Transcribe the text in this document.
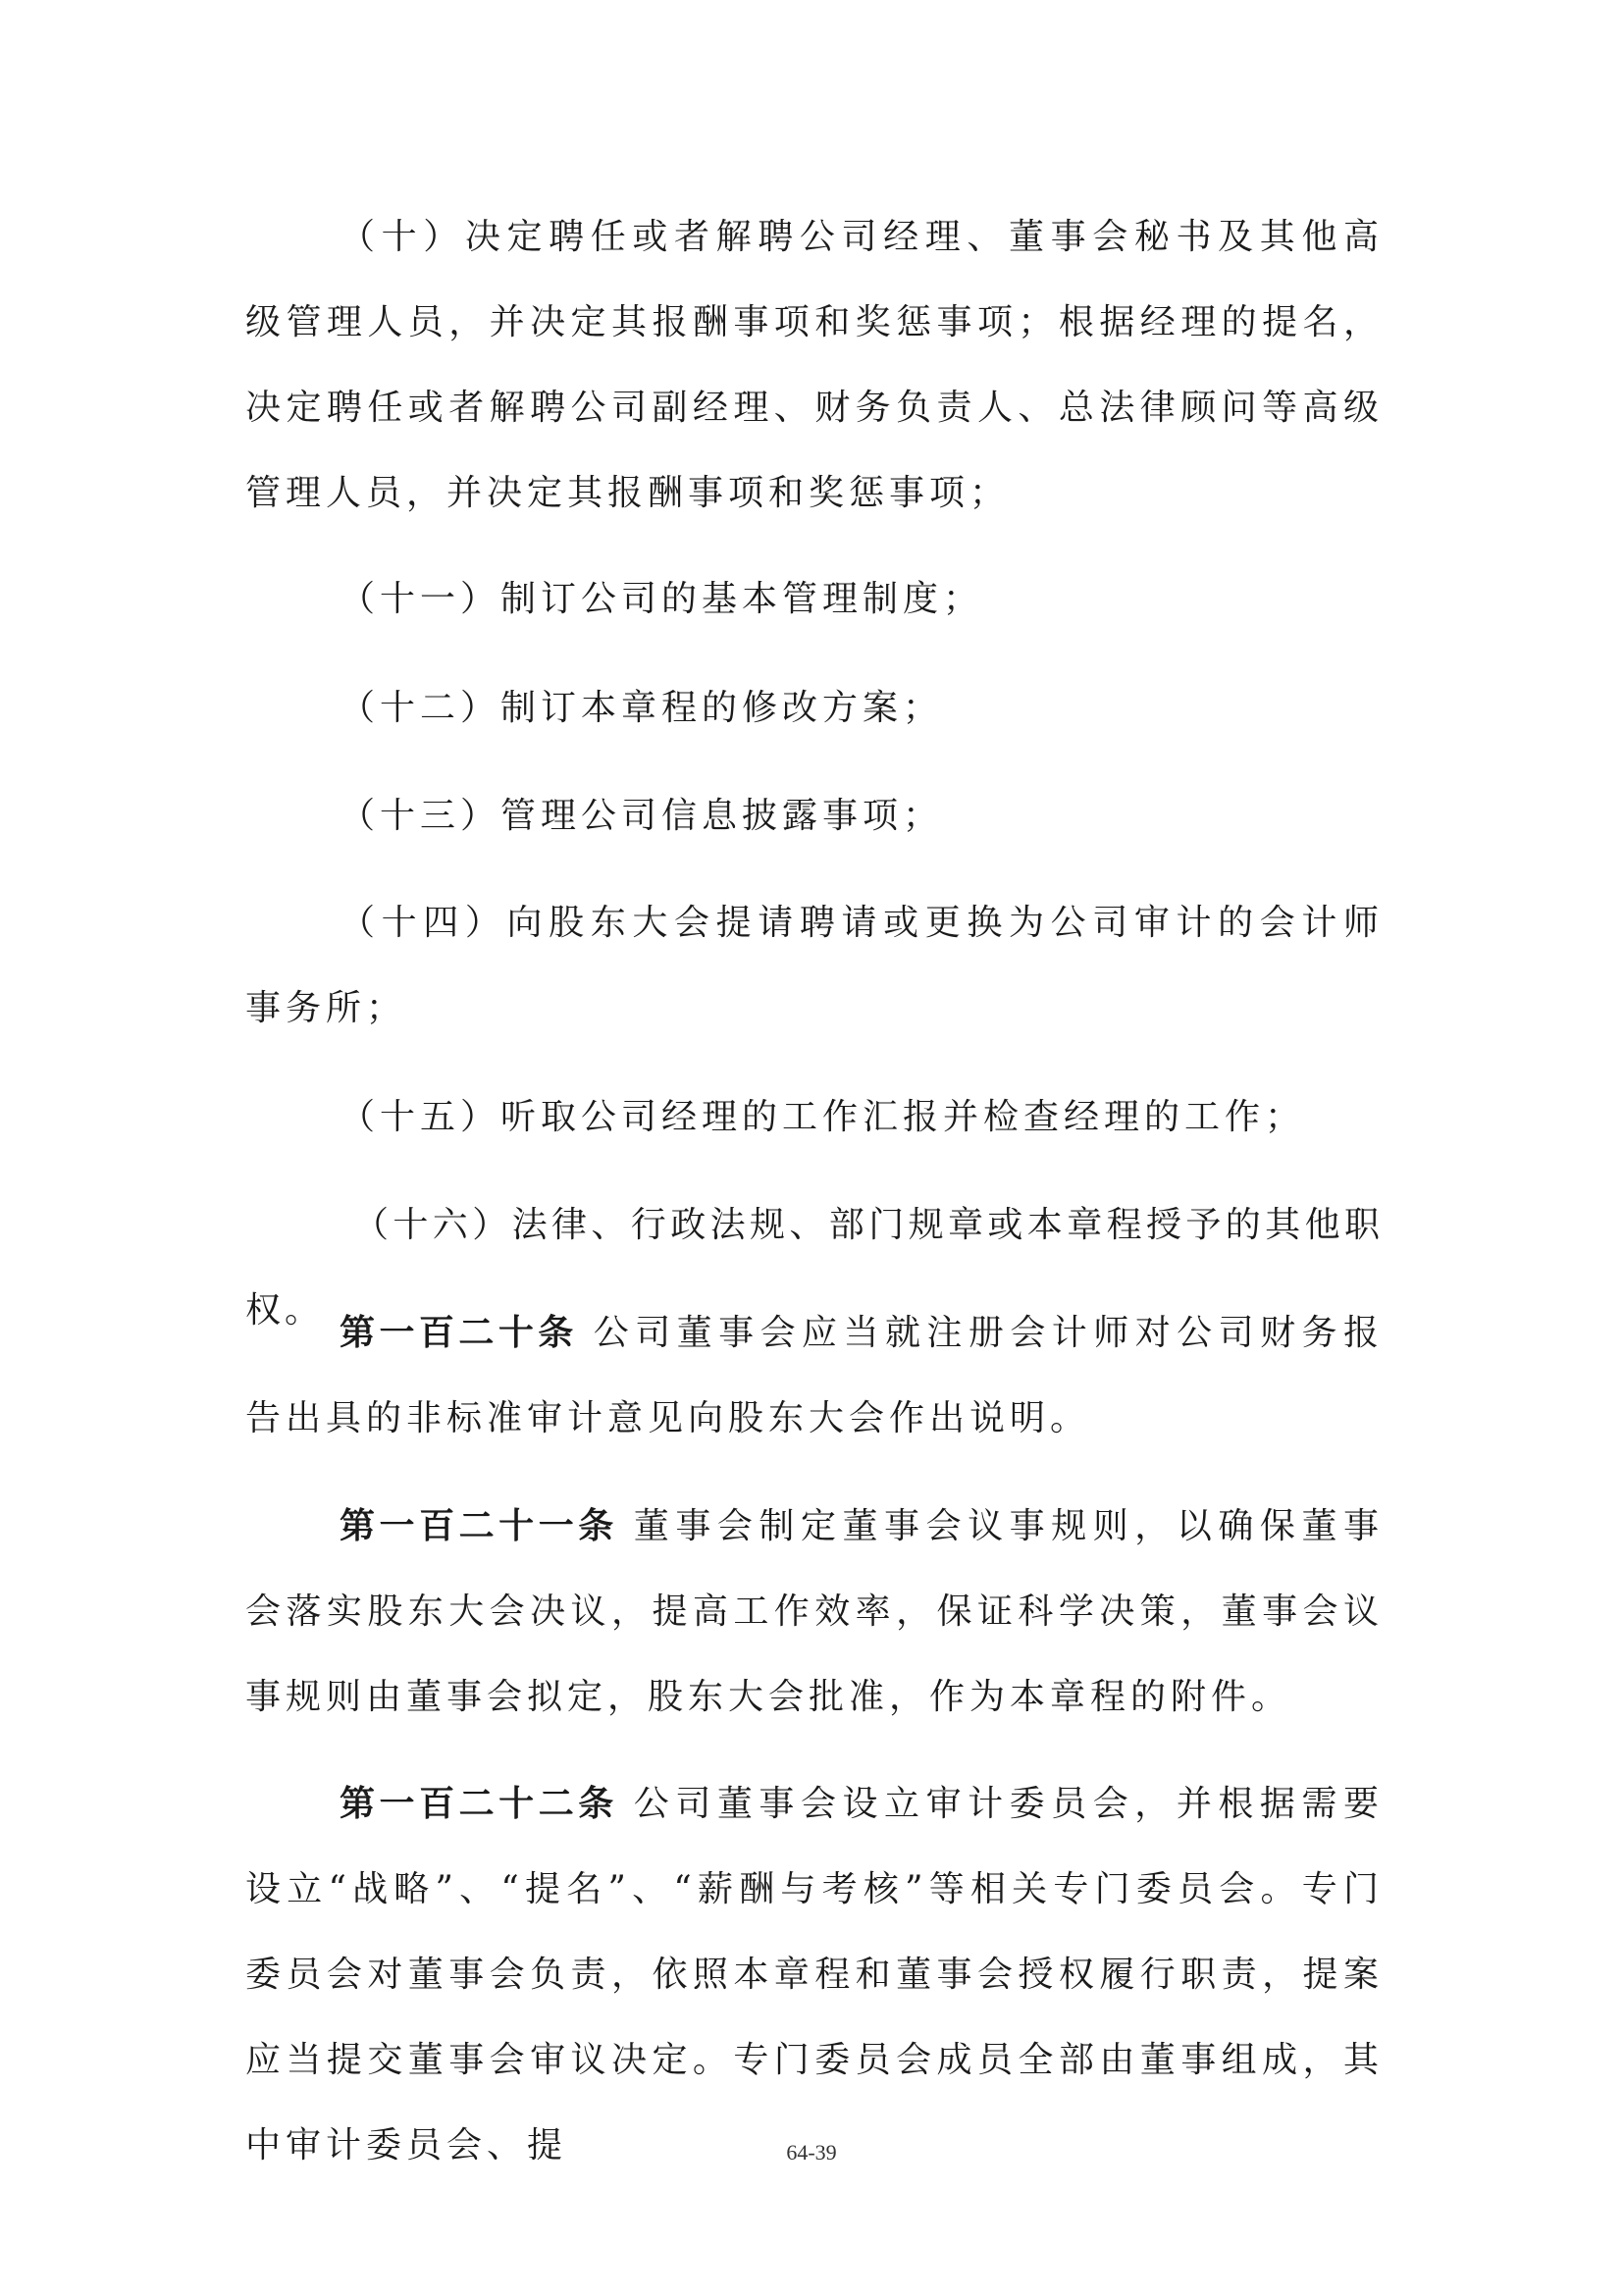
（十）决定聘任或者解聘公司经理、董事会秘书及其他高级管理人员，并决定其报酬事项和奖惩事项；根据经理的提名，决定聘任或者解聘公司副经理、财务负责人、总法律顾问等高级管理人员，并决定其报酬事项和奖惩事项；

（十一）制订公司的基本管理制度；

（十二）制订本章程的修改方案；

（十三）管理公司信息披露事项；

（十四）向股东大会提请聘请或更换为公司审计的会计师事务所；

（十五）听取公司经理的工作汇报并检查经理的工作；

（十六）法律、行政法规、部门规章或本章程授予的其他职权。

第一百二十条 公司董事会应当就注册会计师对公司财务报告出具的非标准审计意见向股东大会作出说明。

第一百二十一条 董事会制定董事会议事规则，以确保董事会落实股东大会决议，提高工作效率，保证科学决策，董事会议事规则由董事会拟定，股东大会批准，作为本章程的附件。

第一百二十二条 公司董事会设立审计委员会，并根据需要设立“战略”、“提名”、“薪酬与考核”等相关专门委员会。专门委员会对董事会负责，依照本章程和董事会授权履行职责，提案应当提交董事会审议决定。专门委员会成员全部由董事组成，其中审计委员会、提	64-39
